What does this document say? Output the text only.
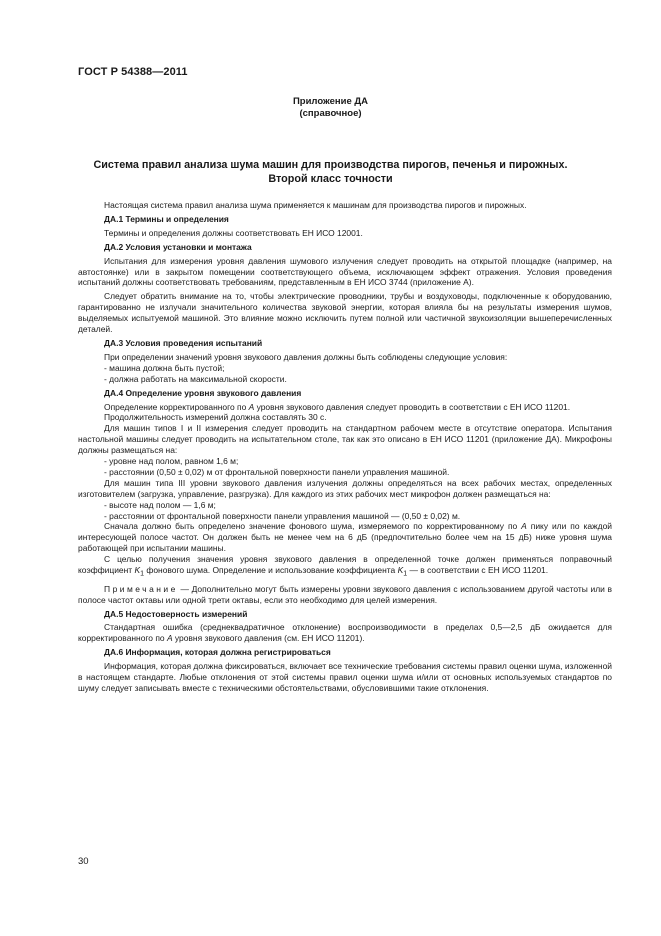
ГОСТ Р 54388—2011
Приложение ДА
(справочное)
Система правил анализа шума машин для производства пирогов, печенья и пирожных.
Второй класс точности

Настоящая система правил анализа шума применяется к машинам для производства пирогов и пирожных.

ДА.1 Термины и определения

Термины и определения должны соответствовать ЕН ИСО 12001.

ДА.2 Условия установки и монтажа

Испытания для измерения уровня давления шумового излучения следует проводить на открытой площадке (например, на автостоянке) или в закрытом помещении соответствующего объема, исключающем эффект отражения. Условия проведения испытаний должны соответствовать требованиям, представленным в ЕН ИСО 3744 (приложение А).

Следует обратить внимание на то, чтобы электрические проводники, трубы и воздуховоды, подключенные к оборудованию, гарантированно не излучали значительного количества звуковой энергии, которая влияла бы на результаты измерения шумов, выделяемых испытуемой машиной. Это влияние можно исключить путем полной или частичной звукоизоляции вышеперечисленных деталей.

ДА.3 Условия проведения испытаний

При определении значений уровня звукового давления должны быть соблюдены следующие условия:

- машина должна быть пустой;

- должна работать на максимальной скорости.

ДА.4 Определение уровня звукового давления

Определение корректированного по А уровня звукового давления следует проводить в соответствии с ЕН ИСО 11201.

Продолжительность измерений должна составлять 30 с.

Для машин типов I и II измерения следует проводить на стандартном рабочем месте в отсутствие оператора. Испытания настольной машины следует проводить на испытательном столе, так как это описано в ЕН ИСО 11201 (приложение ДА). Микрофоны должны размещаться на:

- уровне над полом, равном 1,6 м;

- расстоянии (0,50 ± 0,02) м от фронтальной поверхности панели управления машиной.

Для машин типа III уровни звукового давления излучения должны определяться на всех рабочих местах, определенных изготовителем (загрузка, управление, разгрузка). Для каждого из этих рабочих мест микрофон должен размещаться на:

- высоте над полом — 1,6 м;

- расстоянии от фронтальной поверхности панели управления машиной — (0,50 ± 0,02) м.

Сначала должно быть определено значение фонового шума, измеряемого по корректированному по А пику или по каждой интересующей полосе частот. Он должен быть не менее чем на 6 дБ (предпочтительно более чем на 15 дБ) ниже уровня шума работающей при испытании машины.

С целью получения значения уровня звукового давления в определенной точке должен применяться поправочный коэффициент $K_1$ фонового шума. Определение и использование коэффициента $K_1$ — в соответствии с ЕН ИСО 11201.

Примечание — Дополнительно могут быть измерены уровни звукового давления с использованием другой частоты или в полосе частот октавы или одной трети октавы, если это необходимо для целей измерения.

ДА.5 Недостоверность измерений

Стандартная ошибка (среднеквадратичное отклонение) воспроизводимости в пределах 0,5—2,5 дБ ожидается для корректированного по А уровня звукового давления (см. ЕН ИСО 11201).

ДА.6 Информация, которая должна регистрироваться

Информация, которая должна фиксироваться, включает все технические требования системы правил оценки шума, изложенной в настоящем стандарте. Любые отклонения от этой системы правил оценки шума и/или от основных используемых стандартов по шуму следует записывать вместе с техническими обстоятельствами, обусловившими такие отклонения.

30
